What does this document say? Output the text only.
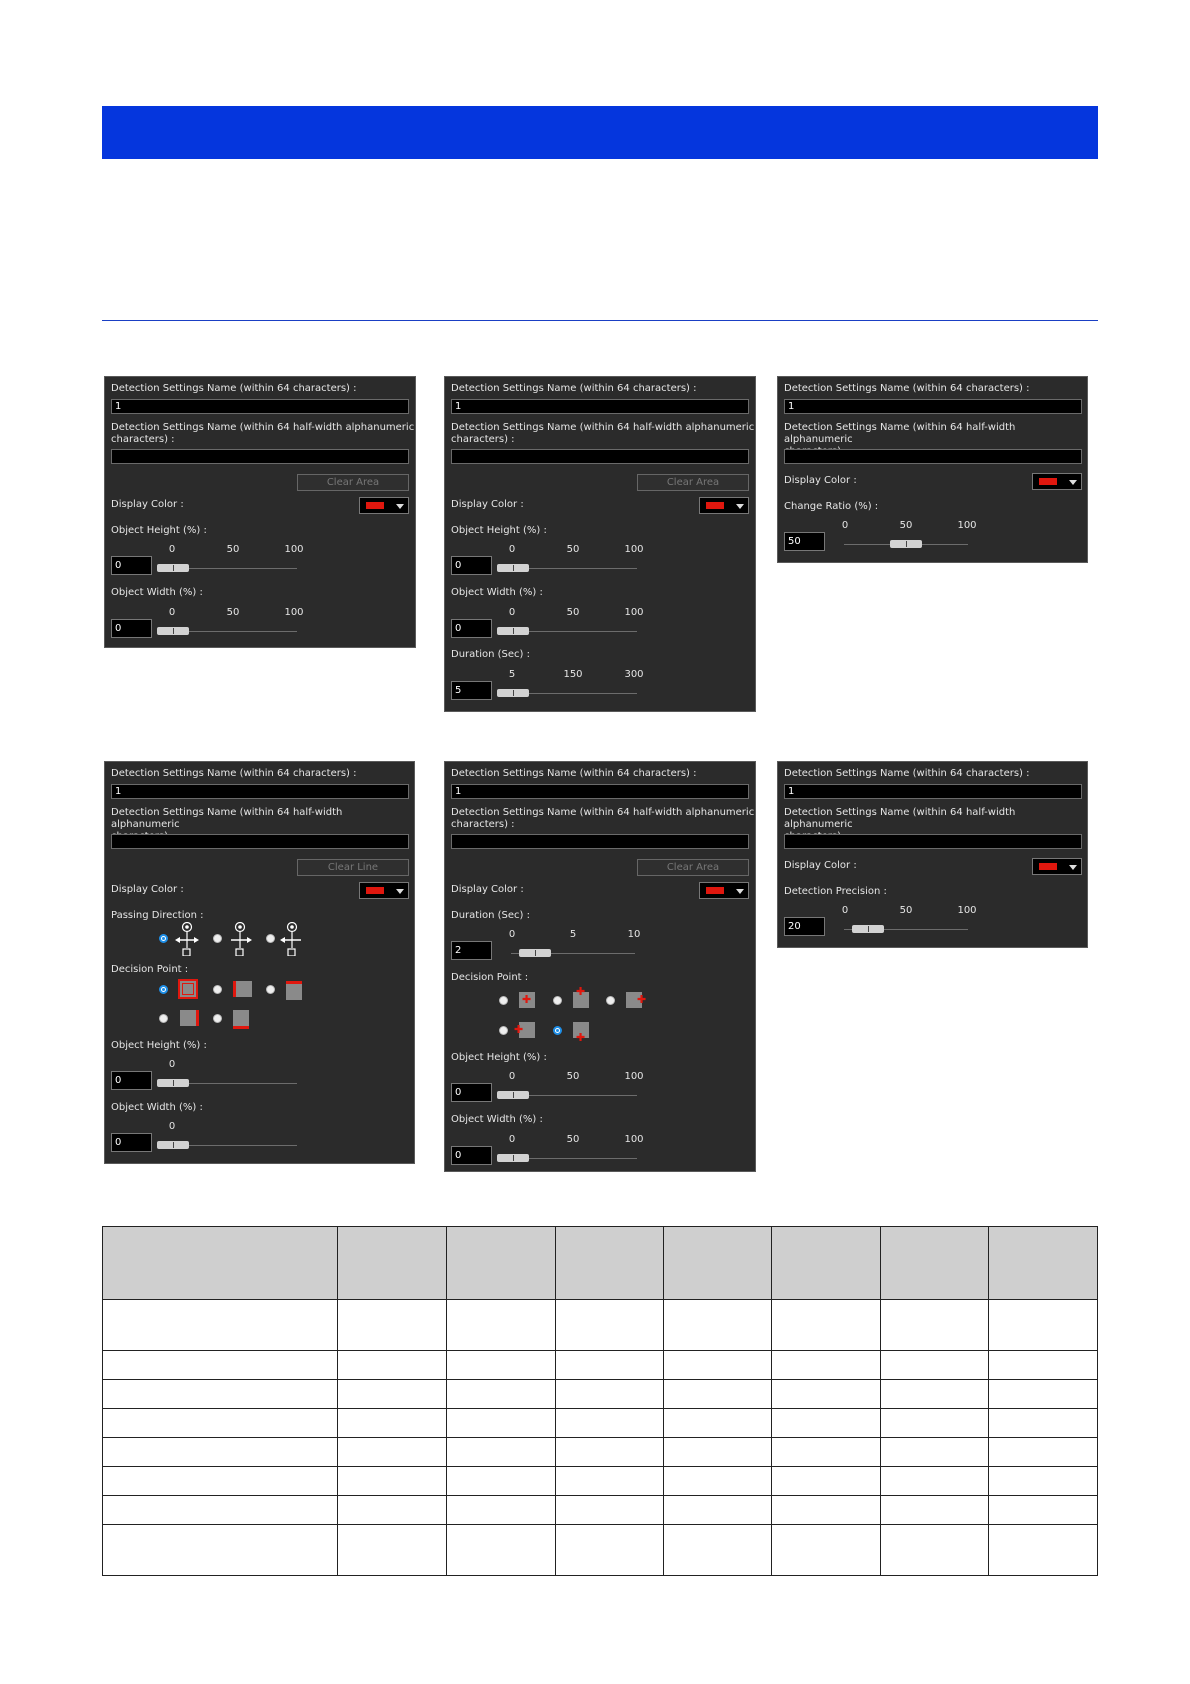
Detection Settings Name (within 64 characters) :
1
Detection Settings Name (within 64 half-width alphanumeric
characters) :
Clear Area
Display Color :
Object Height (%) :
0	50	100
0
Object Width (%) :
0	50	100
0
Detection Settings Name (within 64 characters) :
1
Detection Settings Name (within 64 half-width alphanumeric
characters) :
Clear Area
Display Color :
Object Height (%) :
0	50	100
0
Object Width (%) :
0	50	100
0
Duration (Sec) :
5	150	300
5
Detection Settings Name (within 64 characters) :
1
Detection Settings Name (within 64 half-width alphanumeric

Display Color :
Change Ratio (%) :
0	50	100
50
Detection Settings Name (within 64 characters) :
1
Detection Settings Name (within 64 half-width alphanumeric

Clear Line
Display Color :
Passing Direction :
Decision Point :
Object Height (%) :
0
0
Object Width (%) :
0
0
Detection Settings Name (within 64 characters) :
1
Detection Settings Name (within 64 half-width alphanumeric
characters) :
Clear Area
Display Color :
Duration (Sec) :
0	5	10
2
Decision Point :
✚
✚
✚
✚
✚
Object Height (%) :
0	50	100
0
Object Width (%) :
0	50	100
0
Detection Settings Name (within 64 characters) :
1
Detection Settings Name (within 64 half-width alphanumeric

Display Color :
Detection Precision :
0	50	100
20
